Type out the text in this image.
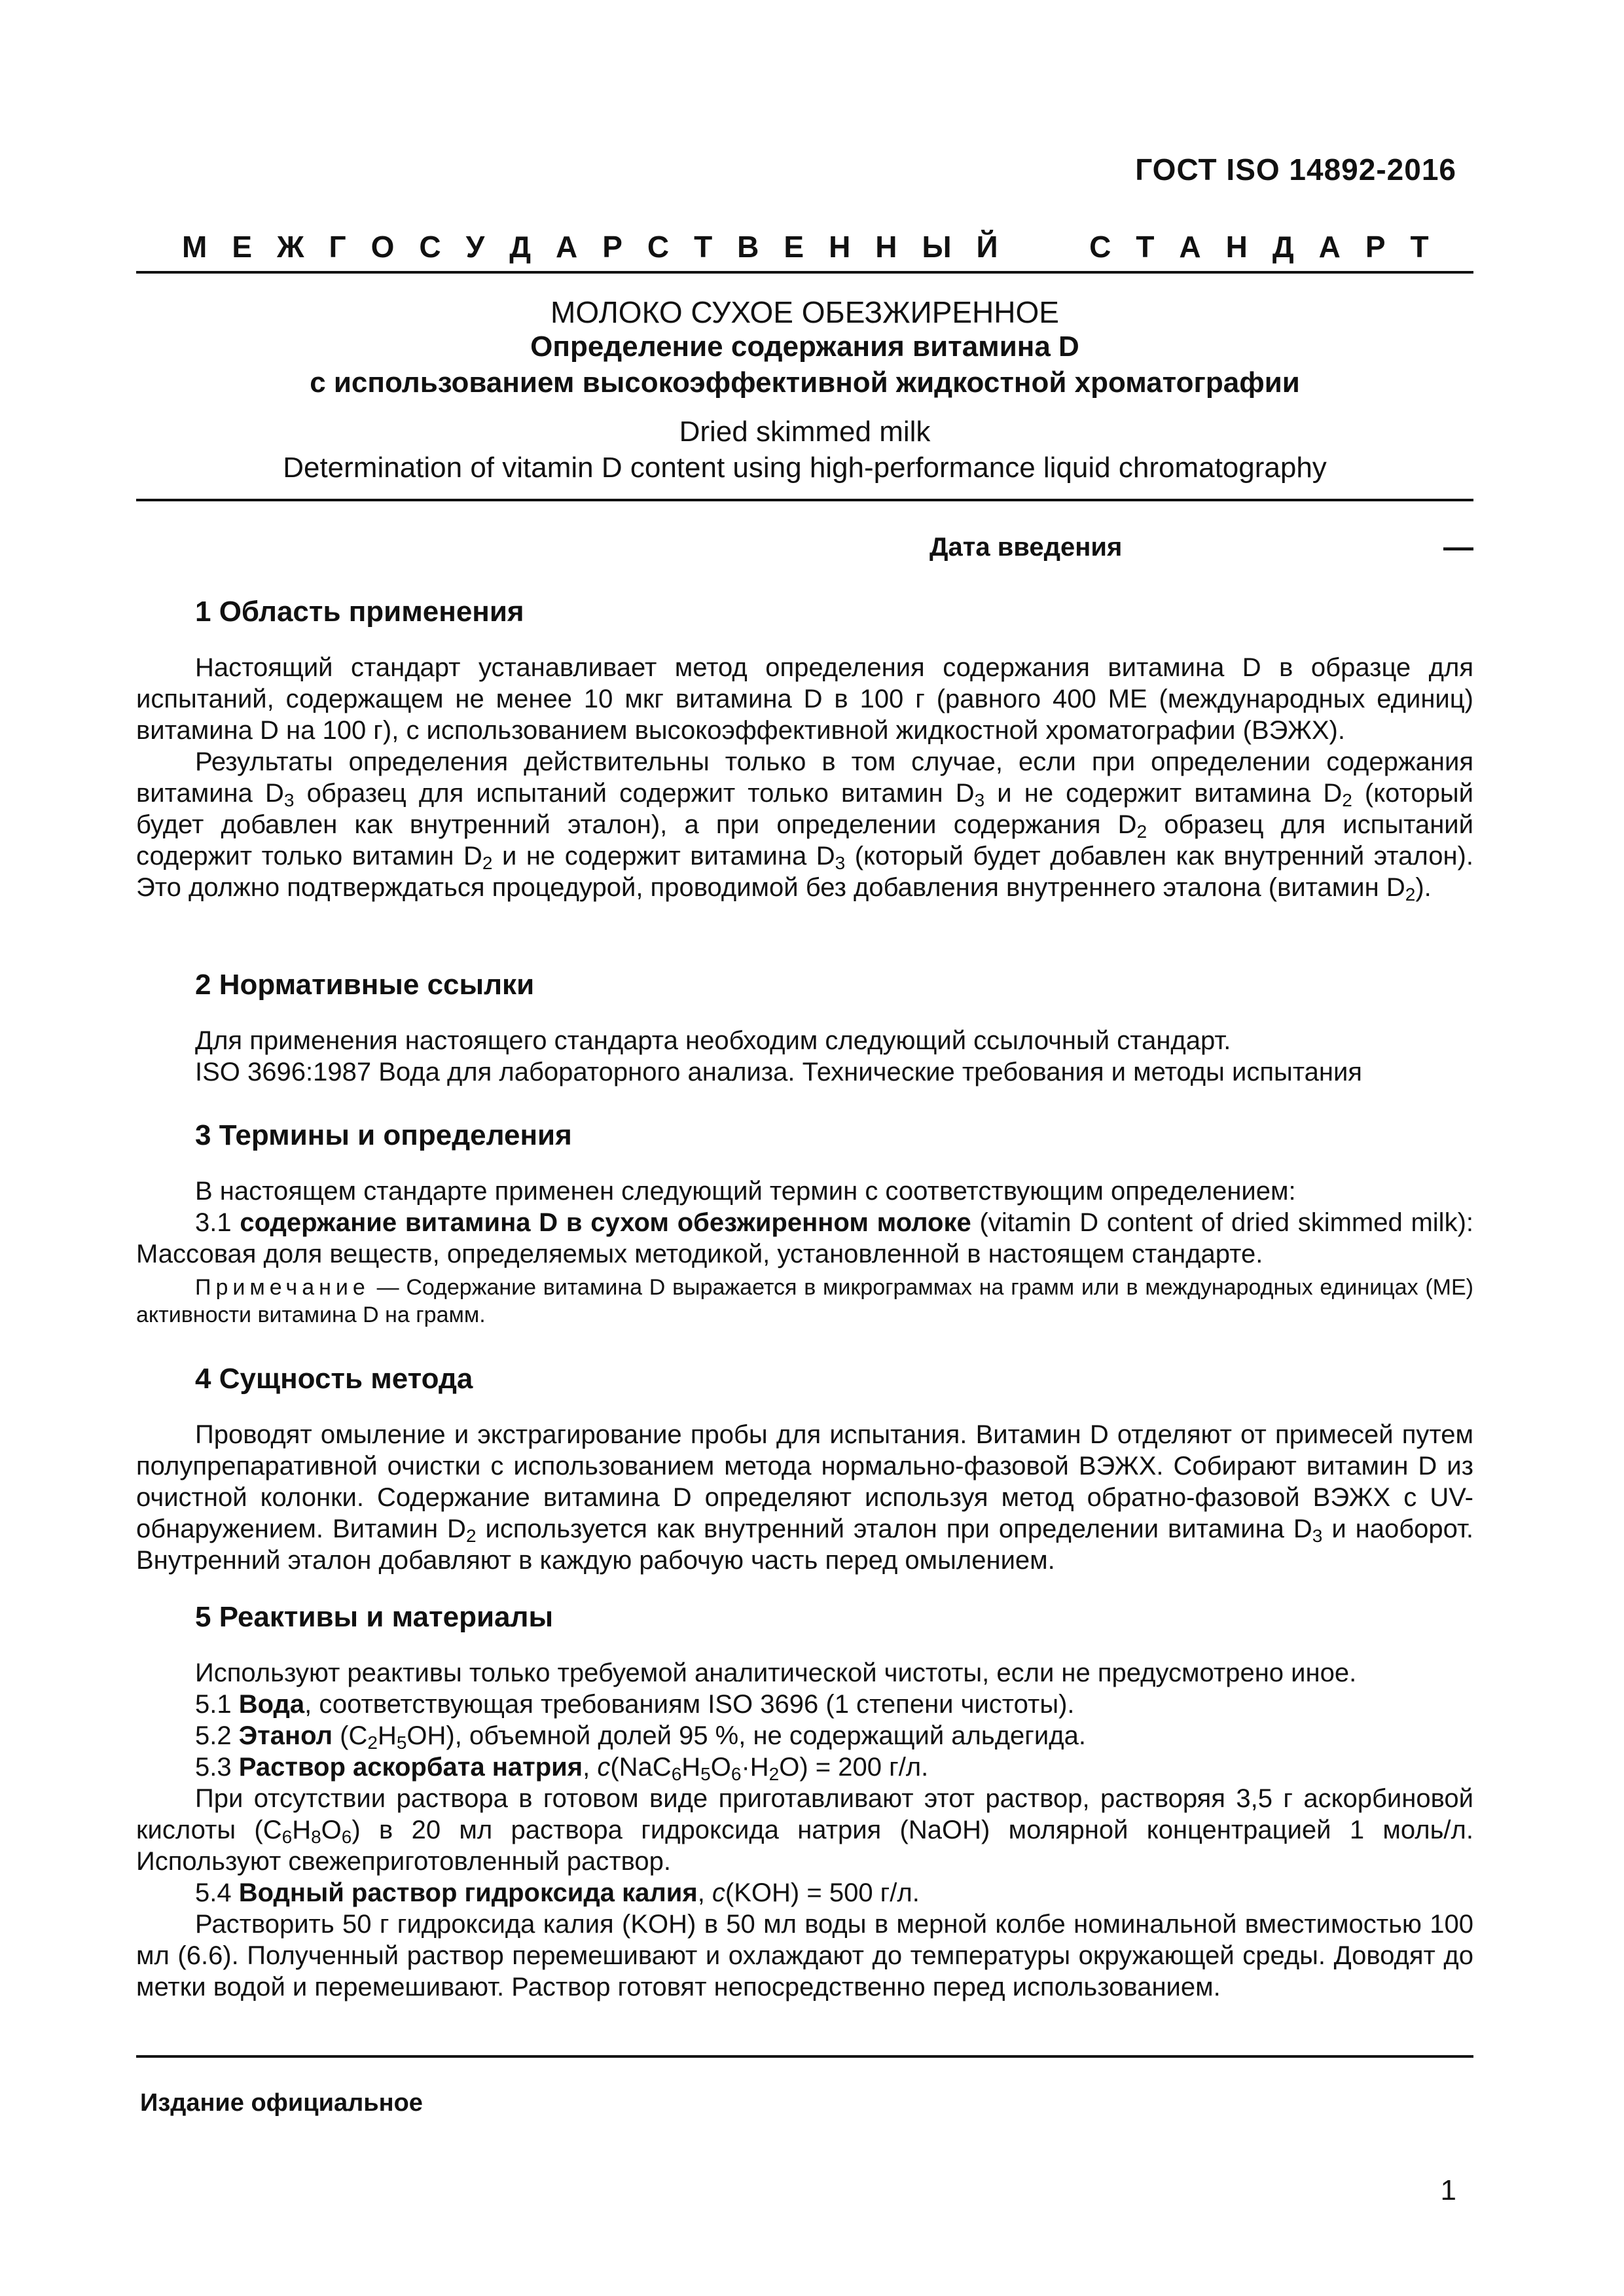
ГОСТ ISO 14892-2016
М Е Ж Г О С У Д А Р С Т В Е Н Н Ы Й

	С Т А Н Д А Р Т
МОЛОКО СУХОЕ ОБЕЗЖИРЕННОЕ
Определение содержания витамина D
с использованием высокоэффективной жидкостной хроматографии
Dried skimmed milk
Determination of vitamin D content using high-performance liquid chromatography
Дата введения	—
1 Область применения
Настоящий стандарт устанавливает метод определения содержания витамина D в образце для испытаний, содержащем не менее 10 мкг витамина D в 100 г (равного 400 МЕ (международных единиц) витамина D на 100 г), с использованием высокоэффективной жидкостной хроматографии (ВЭЖХ).
Результаты определения действительны только в том случае, если при определении содержания витамина $D_3$ образец для испытаний содержит только витамин $D_3$ и не содержит витамина $D_2$ (который будет добавлен как внутренний эталон), а при определении содержания $D_2$ образец для испытаний содержит только витамин $D_2$ и не содержит витамина $D_3$ (который будет добавлен как внутренний эталон). Это должно подтверждаться процедурой, проводимой без добавления внутреннего эталона (витамин $D_2$).
2 Нормативные ссылки
Для применения настоящего стандарта необходим следующий ссылочный стандарт.
ISO 3696:1987 Вода для лабораторного анализа. Технические требования и методы испытания
3 Термины и определения
В настоящем стандарте применен следующий термин с соответствующим определением:
3.1 содержание витамина D в сухом обезжиренном молоке (vitamin D content of dried skimmed milk): Массовая доля веществ, определяемых методикой, установленной в настоящем стандарте.
Примечание — Содержание витамина D выражается в микрограммах на грамм или в международных единицах (МЕ) активности витамина D на грамм.
4 Сущность метода
Проводят омыление и экстрагирование пробы для испытания. Витамин D отделяют от примесей путем полупрепаративной очистки с использованием метода нормально-фазовой ВЭЖХ. Собирают витамин D из очистной колонки. Содержание витамина D определяют используя метод обратно-фазовой ВЭЖХ с UV-обнаружением. Витамин $D_2$ используется как внутренний эталон при определении витамина $D_3$ и наоборот. Внутренний эталон добавляют в каждую рабочую часть перед омылением.
5 Реактивы и материалы
Используют реактивы только требуемой аналитической чистоты, если не предусмотрено иное.
5.1 Вода, соответствующая требованиям ISO 3696 (1 степени чистоты).
5.2 Этанол $(C_2H_5OH)$, объемной долей 95 %, не содержащий альдегида.
5.3 Раствор аскорбата натрия, $c(NaC_6H_5O_6\cdot H_2O) = 200$ г/л.
При отсутствии раствора в готовом виде приготавливают этот раствор, растворяя 3,5 г аскорбиновой кислоты $(C_6H_8O_6)$ в 20 мл раствора гидроксида натрия (NaOH) молярной концентрацией 1 моль/л. Используют свежеприготовленный раствор.
5.4 Водный раствор гидроксида калия, c(KOH) = 500 г/л.
Растворить 50 г гидроксида калия (KOH) в 50 мл воды в мерной колбе номинальной вместимостью 100 мл (6.6). Полученный раствор перемешивают и охлаждают до температуры окружающей среды. Доводят до метки водой и перемешивают. Раствор готовят непосредственно перед использованием.
Издание официальное
1
